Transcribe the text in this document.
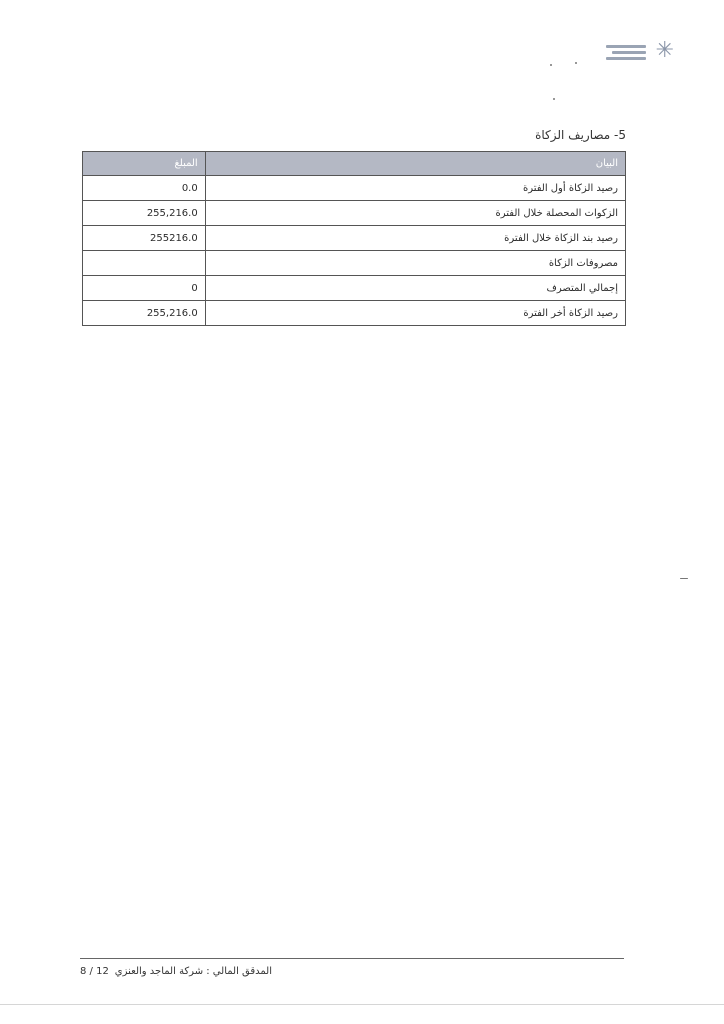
✳
5- مصاريف الزكاة
البيان	المبلغ
رصيد الزكاة أول الفترة	0.0
الزكوات المحصلة خلال الفترة	255,216.0
رصيد بند الزكاة خلال الفترة	255216.0
مصروفات الزكاة	
إجمالي المتصرف	0
رصيد الزكاة أخر الفترة	255,216.0
المدقق المالي : شركة الماجد والعنزي
8 / 12
